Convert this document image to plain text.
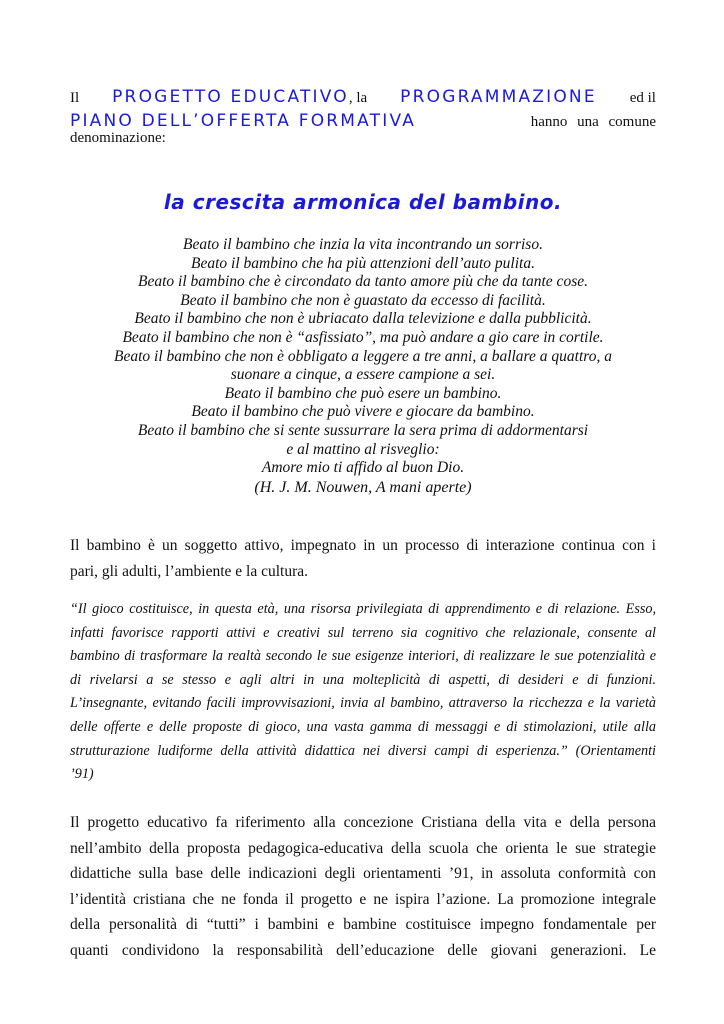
Il PROGETTO EDUCATIVO, la PROGRAMMAZIONE ed il
PIANO DELL’OFFERTA FORMATIVA	hanno una comune
denominazione:
la crescita armonica del bambino.
Beato il bambino che inzia la vita incontrando un sorriso.
Beato il bambino che ha più attenzioni dell’auto pulita.
Beato il bambino che è circondato da tanto amore più che da tante cose.
Beato il bambino che non è guastato da eccesso di facilità.
Beato il bambino che non è ubriacato dalla televizione e dalla pubblicità.
Beato il bambino che non è “asfissiato”, ma può andare a gio care in cortile.
Beato il bambino che non è obbligato a leggere a tre anni, a ballare a quattro, a
suonare a cinque, a essere campione a sei.
Beato il bambino che può esere un bambino.
Beato il bambino che può vivere e giocare da bambino.
Beato il bambino che si sente sussurrare la sera prima di addormentarsi
e al mattino al risveglio:
Amore mio ti affido al buon Dio.
(H. J. M. Nouwen, A mani aperte)
Il bambino è un soggetto attivo, impegnato in un processo di interazione continua con i
pari, gli adulti, l’ambiente e la cultura.
“Il gioco costituisce, in questa età, una risorsa privilegiata di apprendimento e di relazione. Esso,
infatti favorisce rapporti attivi e creativi sul terreno sia cognitivo che relazionale, consente al
bambino di trasformare la realtà secondo le sue esigenze interiori, di realizzare le sue potenzialità e
di rivelarsi a se stesso e agli altri in una molteplicità di aspetti, di desideri e di funzioni.
L’insegnante, evitando facili improvvisazioni, invia al bambino, attraverso la ricchezza e la varietà
delle offerte e delle proposte di gioco, una vasta gamma di messaggi e di stimolazioni, utile alla
strutturazione ludiforme della attività didattica nei diversi campi di esperienza.” (Orientamenti
’91)
Il progetto educativo fa riferimento alla concezione Cristiana della vita e della persona
nell’ambito della proposta pedagogica-educativa della scuola che orienta le sue strategie
didattiche sulla base delle indicazioni degli orientamenti ’91, in assoluta conformità con
l’identità cristiana che ne fonda il progetto e ne ispira l’azione. La promozione integrale
della personalità di “tutti” i bambini e bambine costituisce impegno fondamentale per
quanti condividono la responsabilità dell’educazione delle giovani generazioni. Le
